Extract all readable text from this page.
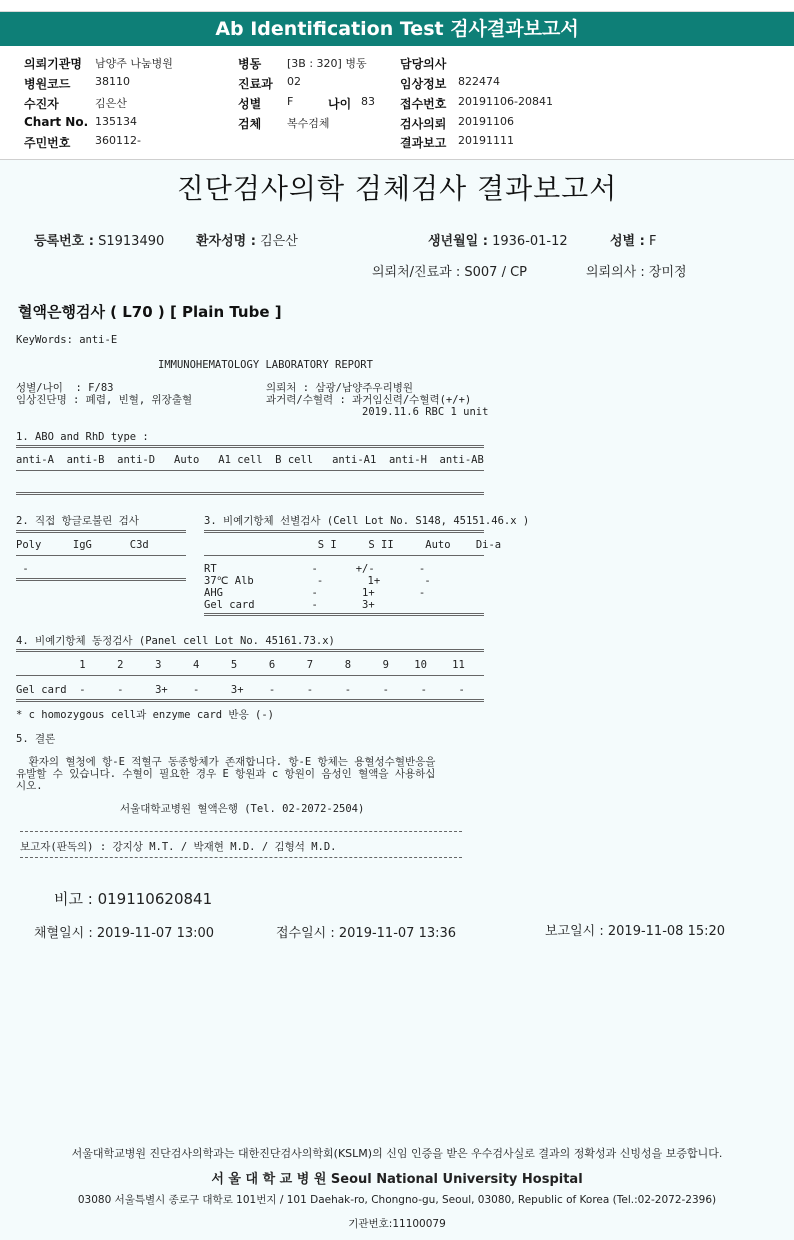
Ab Identification Test 검사결과보고서
의뢰기관명 남양주 나눔병원	병동 [3B : 320] 병동	담당의사
병원코드 38110	진료과 02	임상정보 822474
수진자	김은산	성별 F	나이 83 접수번호 20191106-20841
Chart No. 135134	검체 복수검체	검사의뢰 20191106
주민번호 360112-	결과보고 20191111
진단검사의학 검체검사 결과보고서
등록번호 : S1913490 환자성명 : 김은산	생년월일 : 1936-01-12	성별 : F
의뢰처/진료과 : S007 / CP	의뢰의사 : 장미정
혈액은행검사 ( L70 ) [ Plain Tube ]
KeyWords: anti-E
IMMUNOHEMATOLOGY LABORATORY REPORT
성별/나이  : F/83
임상진단명 : 폐렴, 빈혈, 위장출혈
의뢰처 : 삼광/남양주우리병원
과거력/수혈력 : 과거임신력/수혈력(+/+)
2019.11.6 RBC 1 unit
1. ABO and RhD type :
anti-A  anti-B  anti-D   Auto   A1 cell  B cell   anti-A1  anti-H  anti-AB
2. 직접 항글로불린 검사
Poly     IgG      C3d
-
3. 비예기항체 선별검사 (Cell Lot No. S148, 45151.46.x )
S I     S II     Auto    Di-a
RT               -      +/-       -
37℃ Alb          -       1+       -
AHG              -       1+       -
Gel card         -       3+
4. 비예기항체 동정검사 (Panel cell Lot No. 45161.73.x)
1     2     3     4     5     6     7     8     9    10    11
Gel card  -     -     3+    -     3+    -     -     -     -     -     -
* c homozygous cell과 enzyme card 반응 (-)
5. 결론
환자의 혈청에 항-E 적혈구 동종항체가 존재합니다. 항-E 항체는 용혈성수혈반응을
유발할 수 있습니다. 수혈이 필요한 경우 E 항원과 c 항원이 음성인 혈액을 사용하십
시오.
서울대학교병원 혈액은행 (Tel. 02-2072-2504)
보고자(판독의) : 강지상 M.T. / 박재현 M.D. / 김형석 M.D.
비고 : 019110620841
채혈일시 : 2019-11-07 13:00	접수일시 : 2019-11-07 13:36	보고일시 : 2019-11-08 15:20
서울대학교병원 진단검사의학과는 대한진단검사의학회(KSLM)의 신임 인증을 받은 우수검사실로 결과의 정확성과 신빙성을 보증합니다.
서 울 대 학 교 병 원 Seoul National University Hospital
03080 서울특별시 종로구 대학로 101번지 / 101 Daehak-ro, Chongno-gu, Seoul, 03080, Republic of Korea (Tel.:02-2072-2396)
기관번호:11100079
